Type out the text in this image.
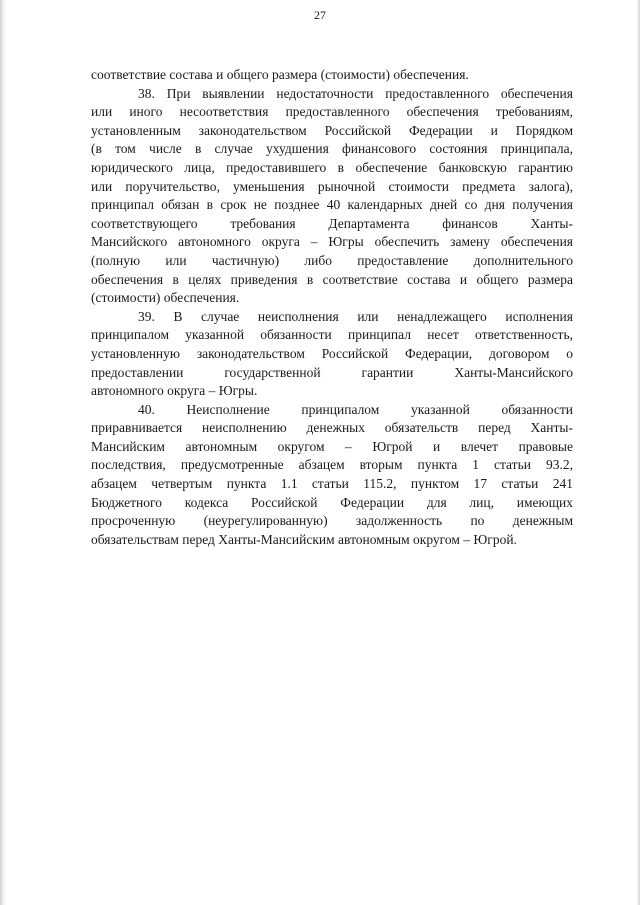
27

соответствие состава и общего размера (стоимости) обеспечения.

38. При выявлении недостаточности предоставленного обеспечения
или иного несоответствия предоставленного обеспечения требованиям,
установленным законодательством Российской Федерации и Порядком
(в том числе в случае ухудшения финансового состояния принципала,
юридического лица, предоставившего в обеспечение банковскую гарантию
или поручительство, уменьшения рыночной стоимости предмета залога),
принципал обязан в срок не позднее 40 календарных дней со дня получения
соответствующего требования Департамента финансов Ханты-
Мансийского автономного округа – Югры обеспечить замену обеспечения
(полную или частичную) либо предоставление дополнительного
обеспечения в целях приведения в соответствие состава и общего размера
(стоимости) обеспечения.

39. В случае неисполнения или ненадлежащего исполнения
принципалом указанной обязанности принципал несет ответственность,
установленную законодательством Российской Федерации, договором о
предоставлении государственной гарантии Ханты-Мансийского
автономного округа – Югры.

40. Неисполнение принципалом указанной обязанности
приравнивается неисполнению денежных обязательств перед Ханты-
Мансийским автономным округом – Югрой и влечет правовые
последствия, предусмотренные абзацем вторым пункта 1 статьи 93.2,
абзацем четвертым пункта 1.1 статьи 115.2, пунктом 17 статьи 241
Бюджетного кодекса Российской Федерации для лиц, имеющих
просроченную (неурегулированную) задолженность по денежным
обязательствам перед Ханты-Мансийским автономным округом – Югрой.
